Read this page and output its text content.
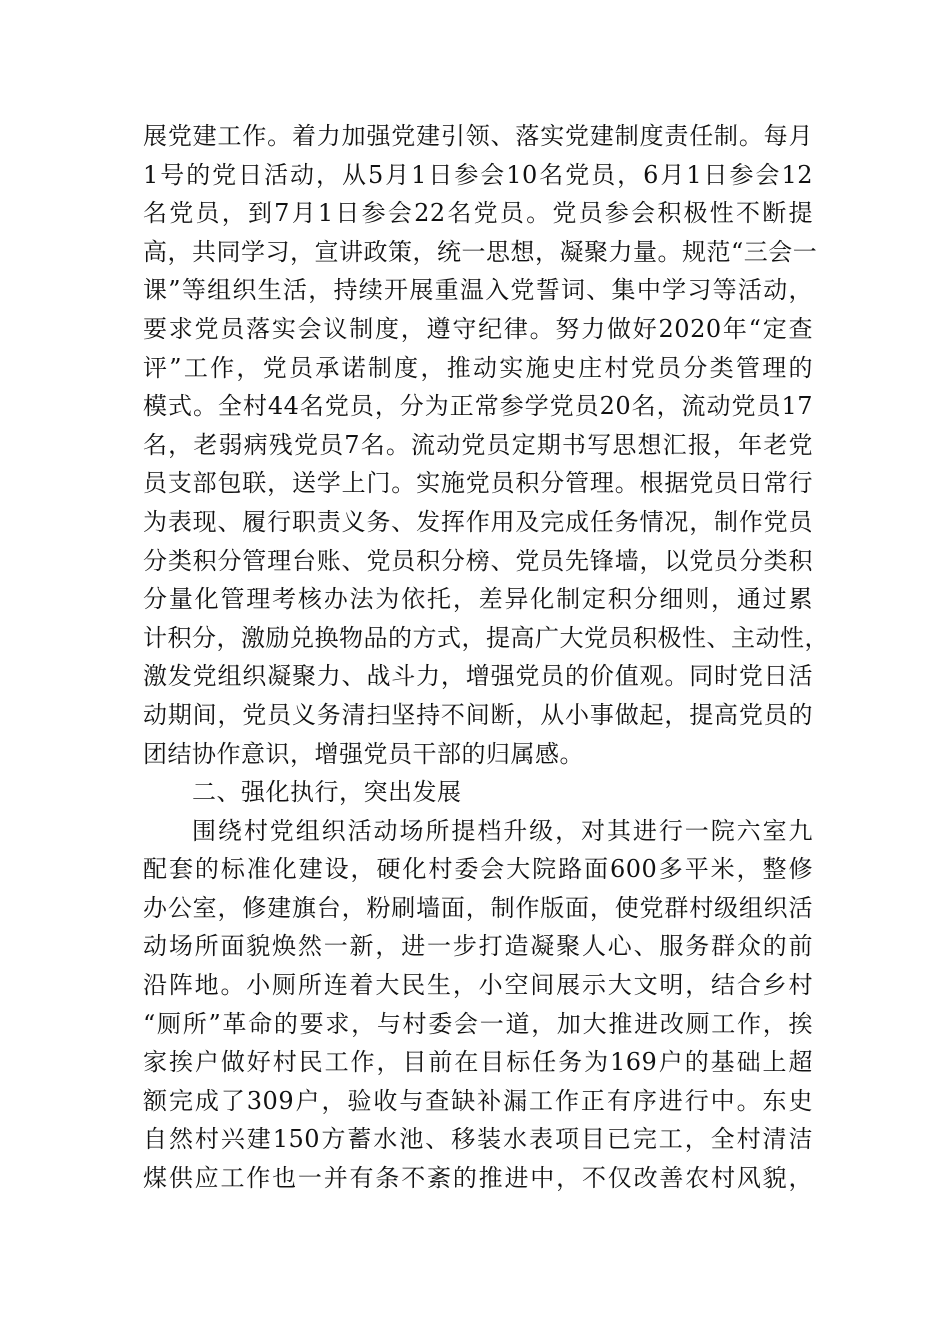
展党建工作。着力加强党建引领、落实党建制度责任制。每月
1号的党日活动，从5月1日参会10名党员，6月1日参会12
名党员，到7月1日参会22名党员。党员参会积极性不断提
高，共同学习，宣讲政策，统一思想，凝聚力量。规范“三会一
课”等组织生活，持续开展重温入党誓词、集中学习等活动，
要求党员落实会议制度，遵守纪律。努力做好2020年“定查
评”工作，党员承诺制度，推动实施史庄村党员分类管理的
模式。全村44名党员，分为正常参学党员20名，流动党员17
名，老弱病残党员7名。流动党员定期书写思想汇报，年老党
员支部包联，送学上门。实施党员积分管理。根据党员日常行
为表现、履行职责义务、发挥作用及完成任务情况，制作党员
分类积分管理台账、党员积分榜、党员先锋墙，以党员分类积
分量化管理考核办法为依托，差异化制定积分细则，通过累
计积分，激励兑换物品的方式，提高广大党员积极性、主动性，
激发党组织凝聚力、战斗力，增强党员的价值观。同时党日活
动期间，党员义务清扫坚持不间断，从小事做起，提高党员的
团结协作意识，增强党员干部的归属感。
二、强化执行，突出发展
围绕村党组织活动场所提档升级，对其进行一院六室九
配套的标准化建设，硬化村委会大院路面600多平米，整修
办公室，修建旗台，粉刷墙面，制作版面，使党群村级组织活
动场所面貌焕然一新，进一步打造凝聚人心、服务群众的前
沿阵地。小厕所连着大民生，小空间展示大文明，结合乡村
“厕所”革命的要求，与村委会一道，加大推进改厕工作，挨
家挨户做好村民工作，目前在目标任务为169户的基础上超
额完成了309户，验收与查缺补漏工作正有序进行中。东史
自然村兴建150方蓄水池、移装水表项目已完工，全村清洁
煤供应工作也一并有条不紊的推进中，不仅改善农村风貌，
